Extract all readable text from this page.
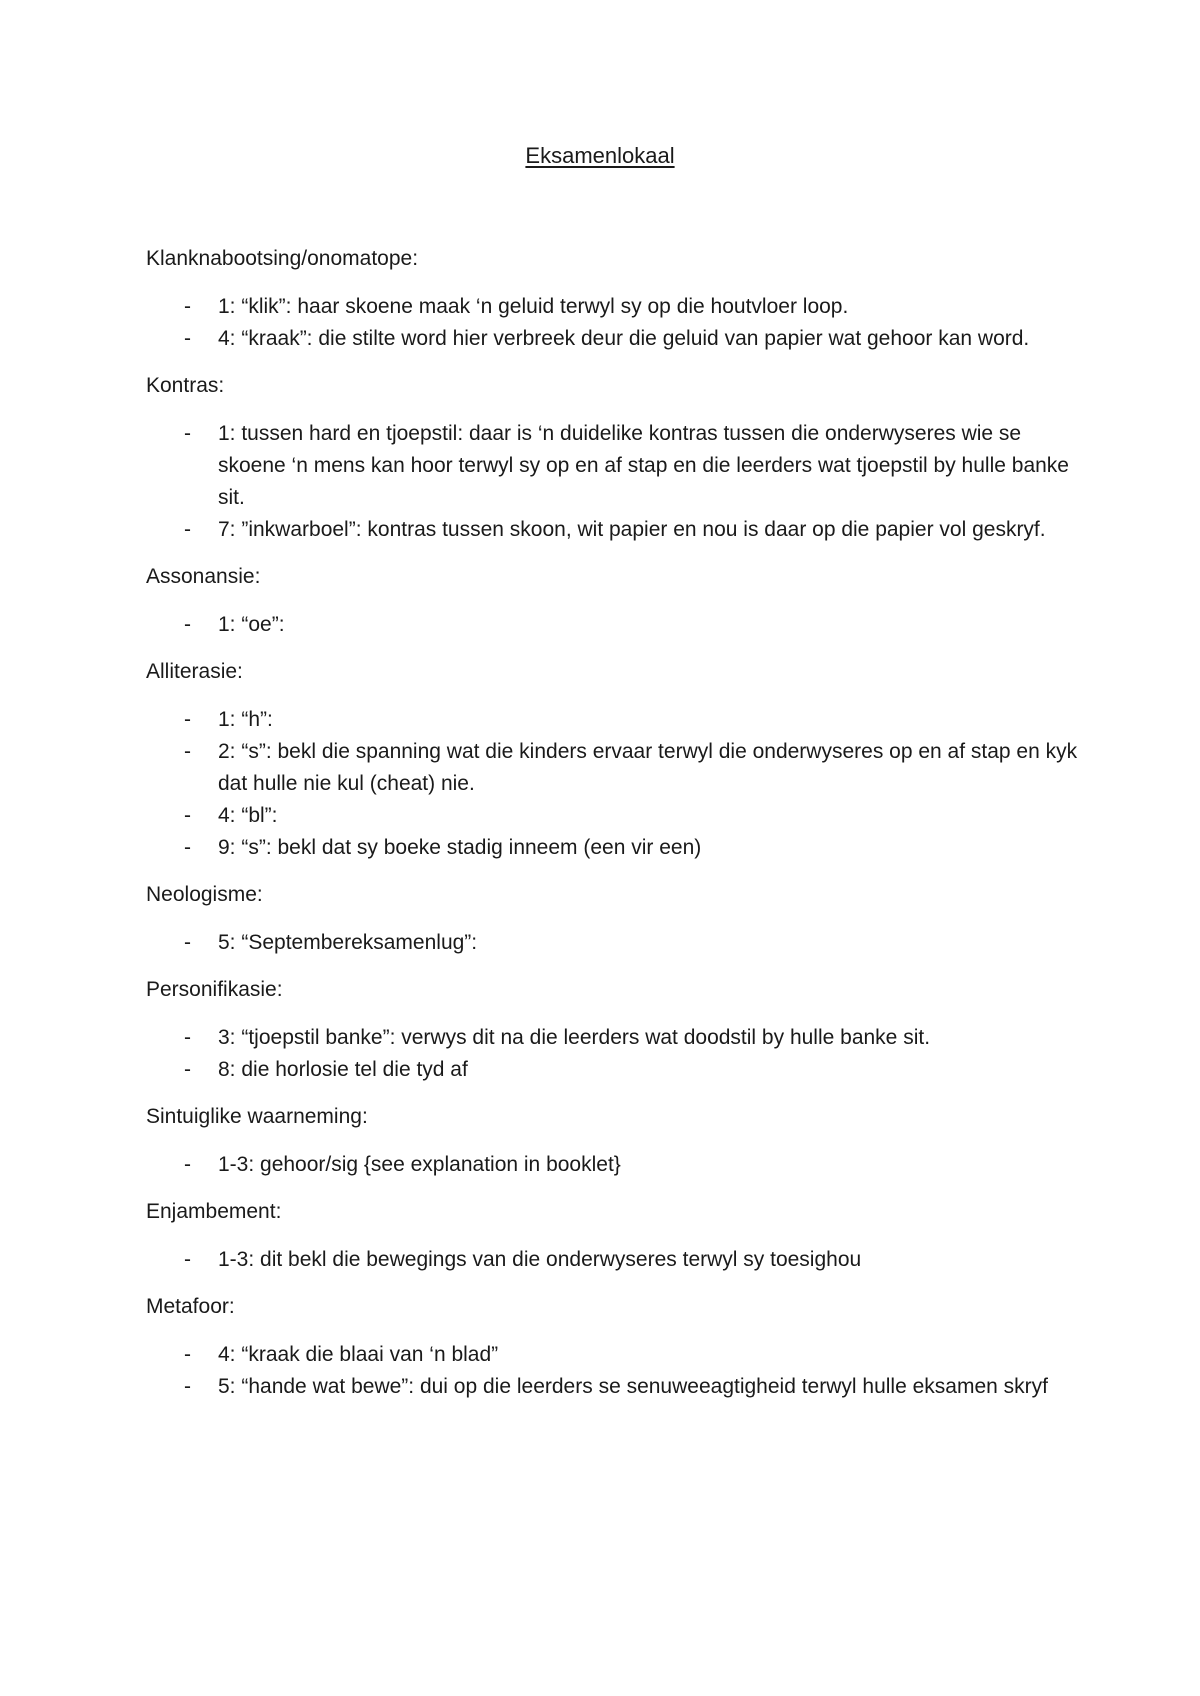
Eksamenlokaal
Klanknabootsing/onomatope:
- 1: “klik”: haar skoene maak ‘n geluid terwyl sy op die houtvloer loop.
- 4: “kraak”: die stilte word hier verbreek deur die geluid van papier wat gehoor kan word.
Kontras:
- 1: tussen hard en tjoepstil: daar is ‘n duidelike kontras tussen die onderwyseres wie se skoene ‘n mens kan hoor terwyl sy op en af stap en die leerders wat tjoepstil by hulle banke sit.
- 7: ”inkwarboel”: kontras tussen skoon, wit papier en nou is daar op die papier vol geskryf.
Assonansie:
- 1: “oe”:
Alliterasie:
- 1: “h”:
- 2: “s”: bekl die spanning wat die kinders ervaar terwyl die onderwyseres op en af stap en kyk dat hulle nie kul (cheat) nie.
- 4: “bl”:
- 9: “s”: bekl dat sy boeke stadig inneem (een vir een)
Neologisme:
- 5: “Septembereksamenlug”:
Personifikasie:
- 3: “tjoepstil banke”: verwys dit na die leerders wat doodstil by hulle banke sit.
- 8: die horlosie tel die tyd af
Sintuiglike waarneming:
- 1-3: gehoor/sig {see explanation in booklet}
Enjambement:
- 1-3: dit bekl die bewegings van die onderwyseres terwyl sy toesighou
Metafoor:
- 4: “kraak die blaai van ‘n blad”
- 5: “hande wat bewe”: dui op die leerders se senuweeagtigheid terwyl hulle eksamen skryf
